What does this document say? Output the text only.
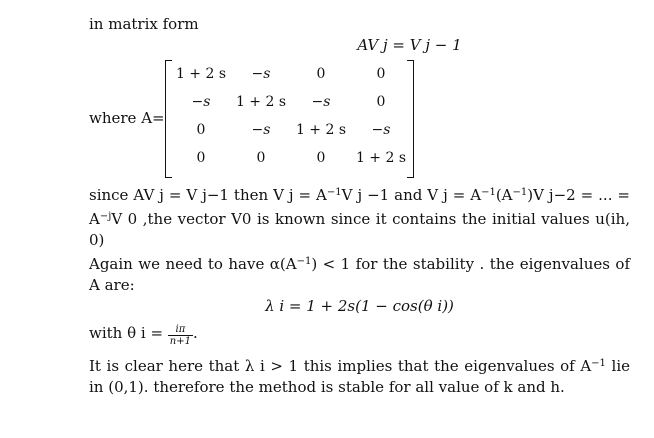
in matrix form

AV j = V j − 1

where A=
1 + 2 s	−s	0	0
−s	1 + 2 s	−s	0
0	−s	1 + 2 s	−s
0	0	0	1 + 2 s

since AV j = V j−1 then V $j = A^{-1}V$ j −1 and V $j = A^{-1}(A^{-1})V$ j−2 = ... = $A^{-j}V$ 0 ,the vector V0 is known since it contains the initial values u(ih, 0)

Again we need to have $\alpha(A^{-1}) < 1$ for the stability . the eigenvalues of A are:

λ i = 1 + 2s(1 − cos(θ i))

with θ $i = \frac{i\pi}{n+1}$ .

It is clear here that λ i > 1 this implies that the eigenvalues of $A^{-1}$ lie in (0,1). therefore the method is stable for all value of k and h.
